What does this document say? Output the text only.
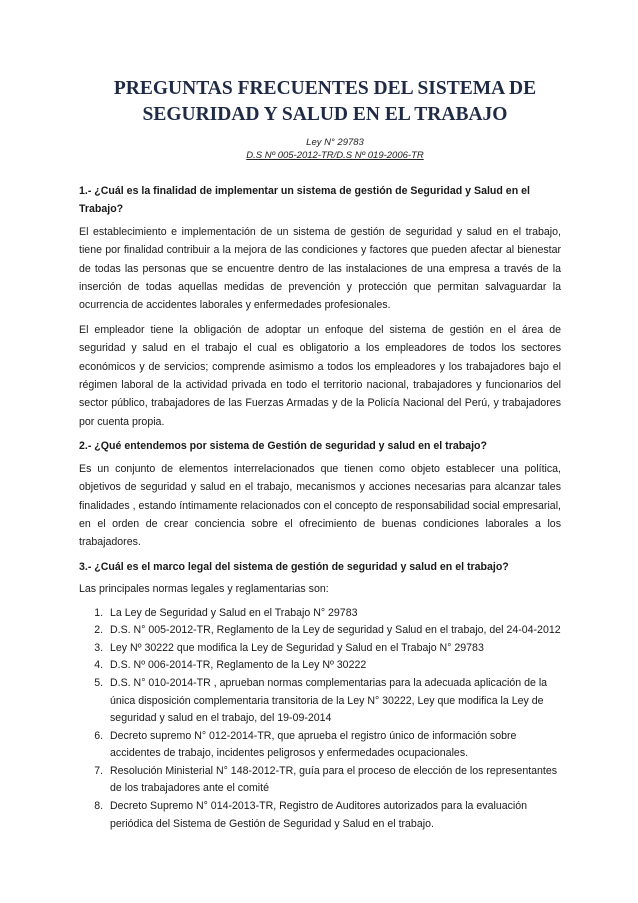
PREGUNTAS FRECUENTES DEL SISTEMA DE
SEGURIDAD Y SALUD EN EL TRABAJO
Ley N° 29783
D.S Nº 005-2012-TR/D.S Nº 019-2006-TR
1.- ¿Cuál es la finalidad de implementar un sistema de gestión de Seguridad y Salud en el Trabajo?
El establecimiento e implementación de un sistema de gestión de seguridad y salud en el trabajo, tiene por finalidad contribuir a la mejora de las condiciones y factores que pueden afectar al bienestar de todas las personas que se encuentre dentro de las instalaciones de una empresa a través de la inserción de todas aquellas medidas de prevención y protección que permitan salvaguardar la ocurrencia de accidentes laborales y enfermedades profesionales.
El empleador tiene la obligación de adoptar un enfoque del sistema de gestión en el área de seguridad y salud en el trabajo el cual es obligatorio a los empleadores de todos los sectores económicos y de servicios; comprende asimismo a todos los empleadores y los trabajadores bajo el régimen laboral de la actividad privada en todo el territorio nacional, trabajadores y funcionarios del sector público, trabajadores de las Fuerzas Armadas y de la Policía Nacional del Perú, y trabajadores por cuenta propia.
2.- ¿Qué entendemos por sistema de Gestión de seguridad y salud en el trabajo?
Es un conjunto de elementos interrelacionados que tienen como objeto establecer una política, objetivos de seguridad y salud en el trabajo, mecanismos y acciones necesarias para alcanzar tales finalidades , estando íntimamente relacionados con el concepto de responsabilidad social empresarial, en el orden de crear conciencia sobre el ofrecimiento de buenas condiciones laborales a los trabajadores.
3.- ¿Cuál es el marco legal del sistema de gestión de seguridad y salud en el trabajo?
Las principales normas legales y reglamentarias son:
1. La Ley de Seguridad y Salud en el Trabajo N° 29783
2. D.S. N° 005-2012-TR, Reglamento de la Ley de seguridad y Salud en el trabajo, del 24-04-2012
3. Ley Nº 30222 que modifica la Ley de Seguridad y Salud en el Trabajo N° 29783
4. D.S. Nº 006-2014-TR, Reglamento de la Ley Nº 30222
5. D.S. N° 010-2014-TR , aprueban normas complementarias para la adecuada aplicación de la única disposición complementaria transitoria de la Ley N° 30222, Ley que modifica la Ley de seguridad y salud en el trabajo, del 19-09-2014
6. Decreto supremo N° 012-2014-TR, que aprueba el registro único de información sobre accidentes de trabajo, incidentes peligrosos y enfermedades ocupacionales.
7. Resolución Ministerial N° 148-2012-TR, guía para el proceso de elección de los representantes de los trabajadores ante el comité
8. Decreto Supremo N° 014-2013-TR, Registro de Auditores autorizados para la evaluación periódica del Sistema de Gestión de Seguridad y Salud en el trabajo.
